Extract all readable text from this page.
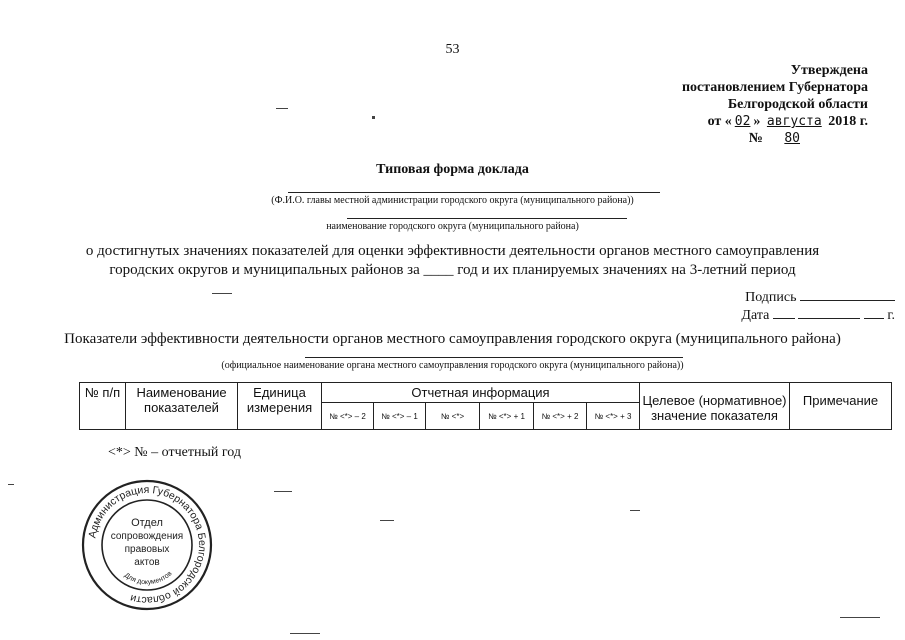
53
Утверждена
постановлением Губернатора
Белгородской области
от « 02 » августа 2018 г.
№ 80
Типовая форма доклада
(Ф.И.О. главы местной администрации городского округа (муниципального района))
наименование городского округа (муниципального района)
о достигнутых значениях показателей для оценки эффективности деятельности органов местного самоуправления
городских округов и муниципальных районов за ____ год и их планируемых значениях на 3-летний период
Подпись
Дата	г.
Показатели эффективности деятельности органов местного самоуправления городского округа (муниципального района)
(официальное наименование органа местного самоуправления городского округа (муниципального района))
№ п/п	Наименование показателей	Единица измерения	Отчетная информация						Целевое (нормативное) значение показателя	Примечание
			№ <*> – 2	№ <*> – 1	№ <*>	№ <*> + 1	№ <*> + 2	№ <*> + 3		
<*> № – отчетный год
Администрация Губернатора Белгородской области
Отдел
сопровождения
правовых
актов
Для документов
